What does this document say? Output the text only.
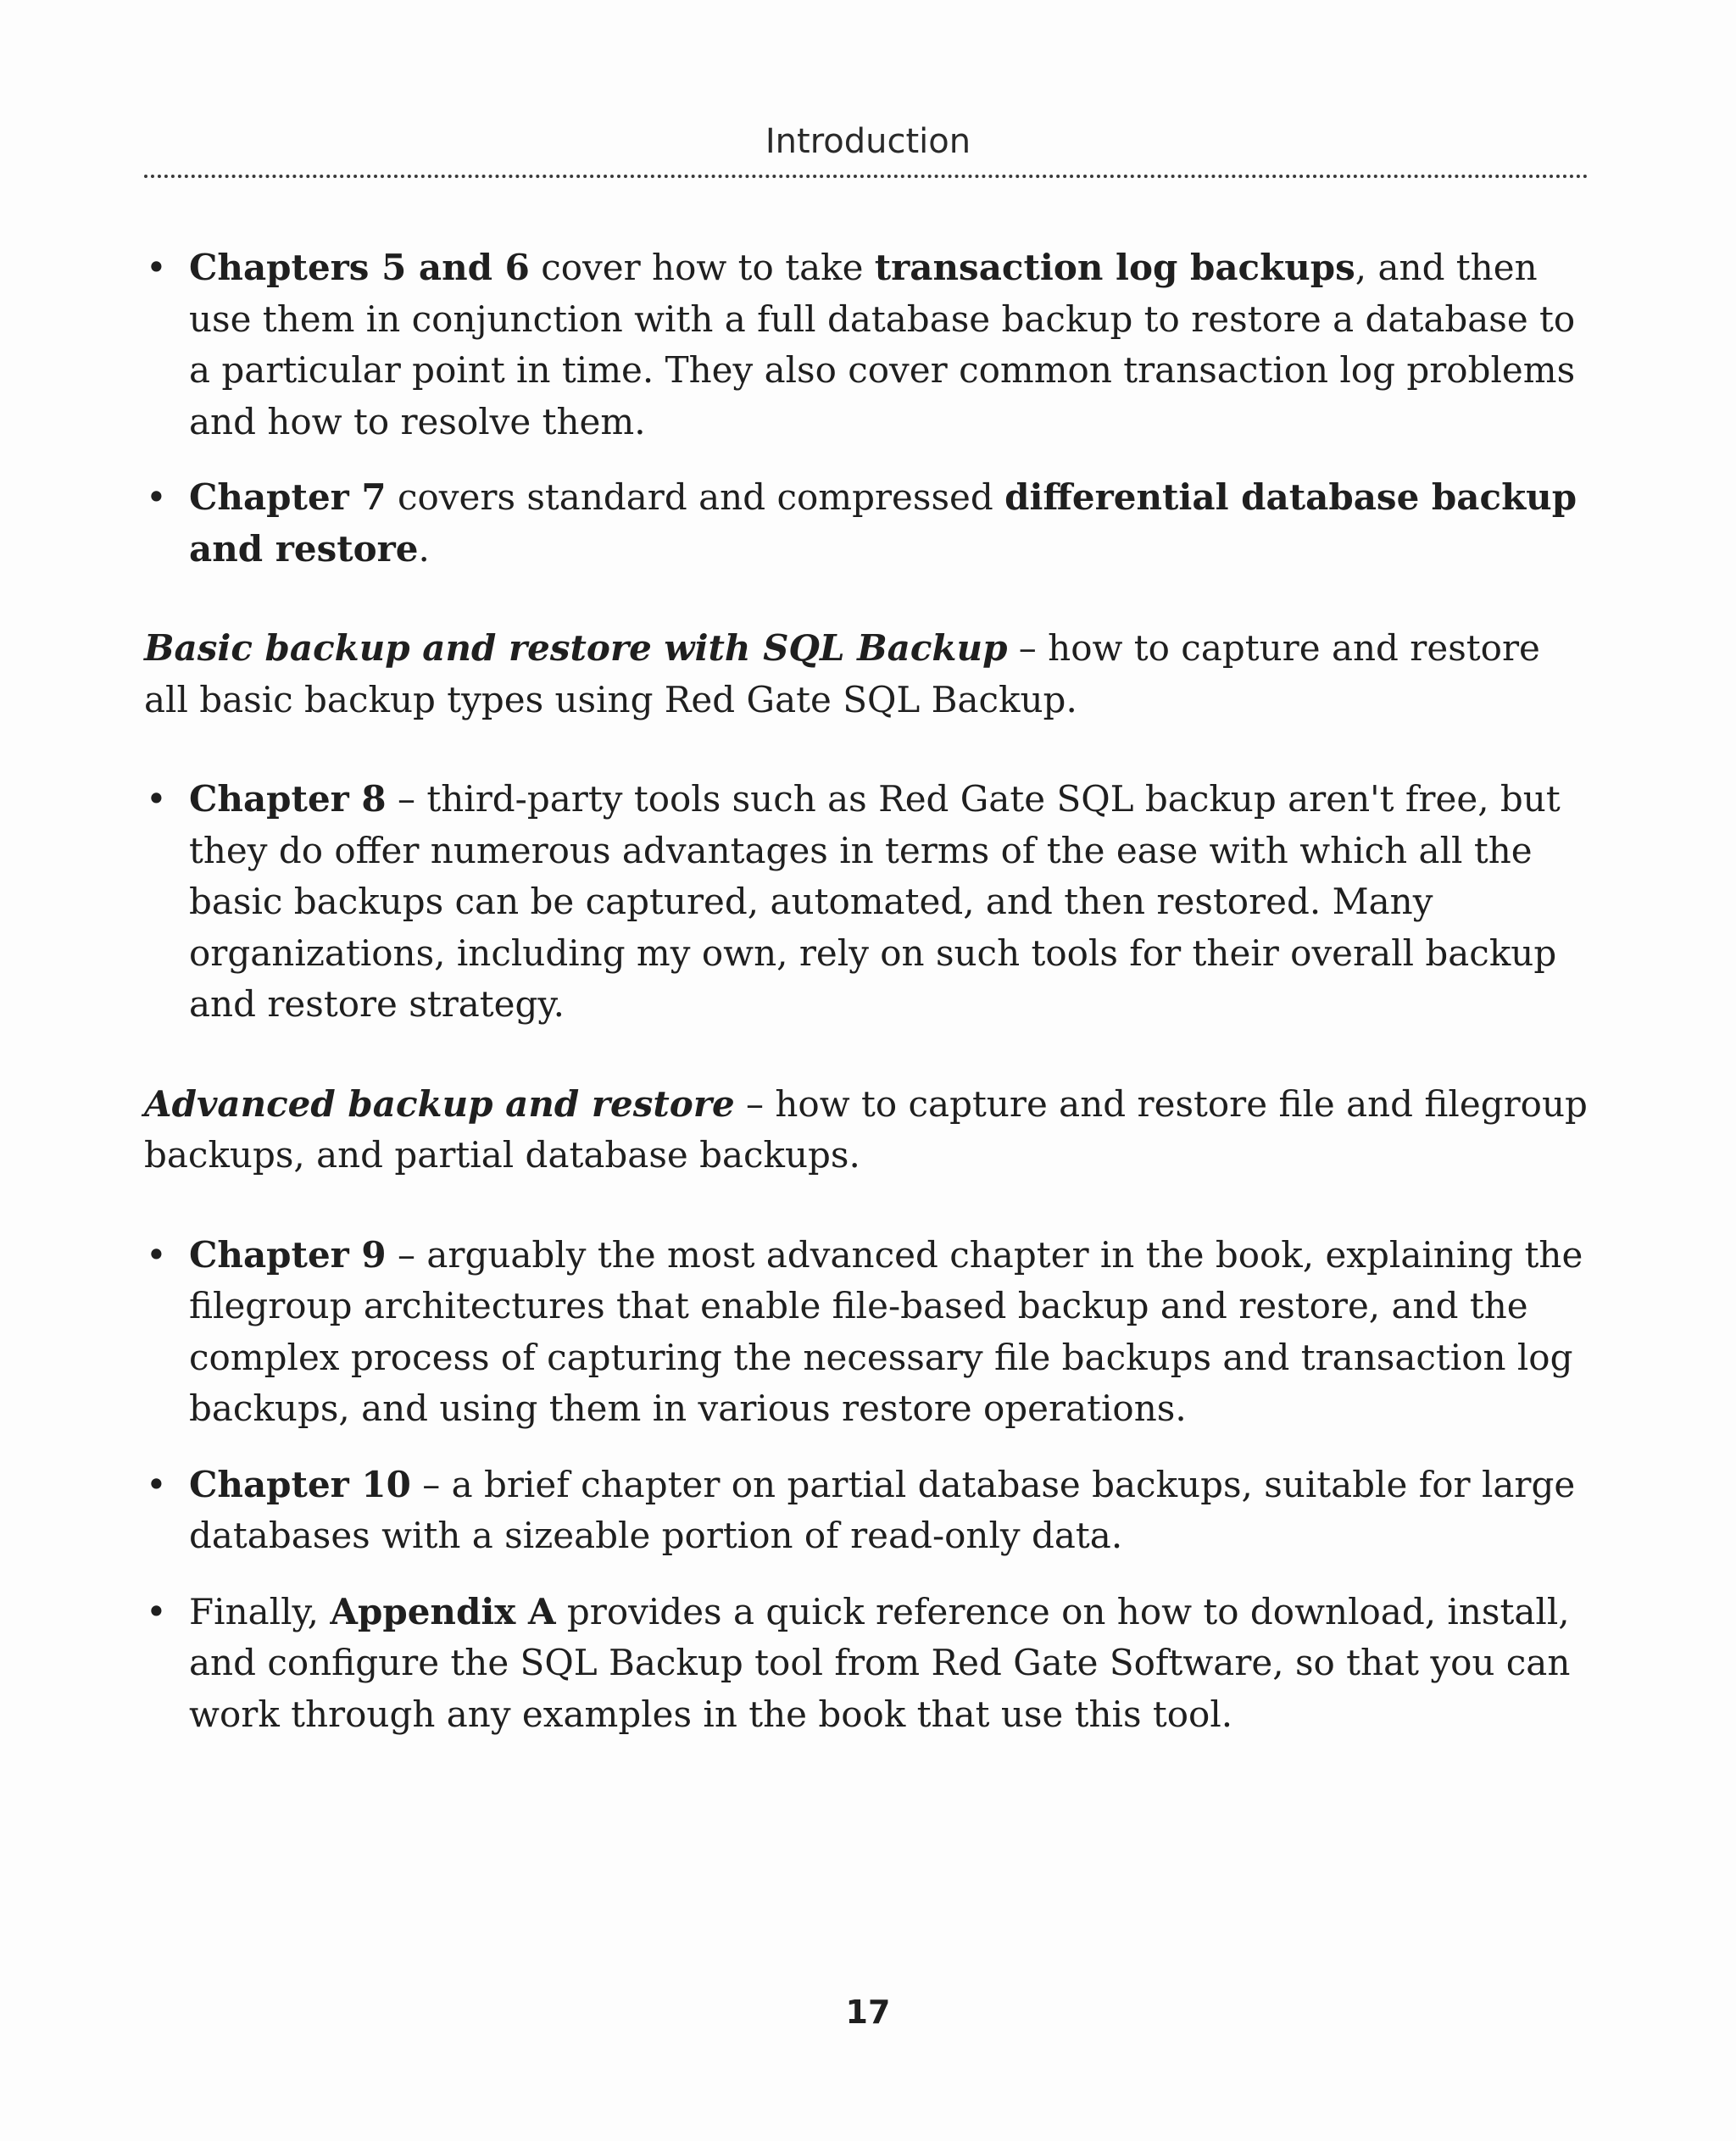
Introduction
• Chapters 5 and 6 cover how to take transaction log backups, and then use them in conjunction with a full database backup to restore a database to a particular point in time. They also cover common transaction log problems and how to resolve them.
• Chapter 7 covers standard and compressed differential database backup and restore.

Basic backup and restore with SQL Backup – how to capture and restore all basic backup types using Red Gate SQL Backup.

• Chapter 8 – third-party tools such as Red Gate SQL backup aren't free, but they do offer numerous advantages in terms of the ease with which all the basic backups can be captured, automated, and then restored. Many organizations, including my own, rely on such tools for their overall backup and restore strategy.

Advanced backup and restore – how to capture and restore file and filegroup backups, and partial database backups.

• Chapter 9 – arguably the most advanced chapter in the book, explaining the filegroup architectures that enable file-based backup and restore, and the complex process of capturing the necessary file backups and transaction log backups, and using them in various restore operations.
• Chapter 10 – a brief chapter on partial database backups, suitable for large databases with a sizeable portion of read-only data.
• Finally, Appendix A provides a quick reference on how to download, install, and configure the SQL Backup tool from Red Gate Software, so that you can work through any examples in the book that use this tool.
17
